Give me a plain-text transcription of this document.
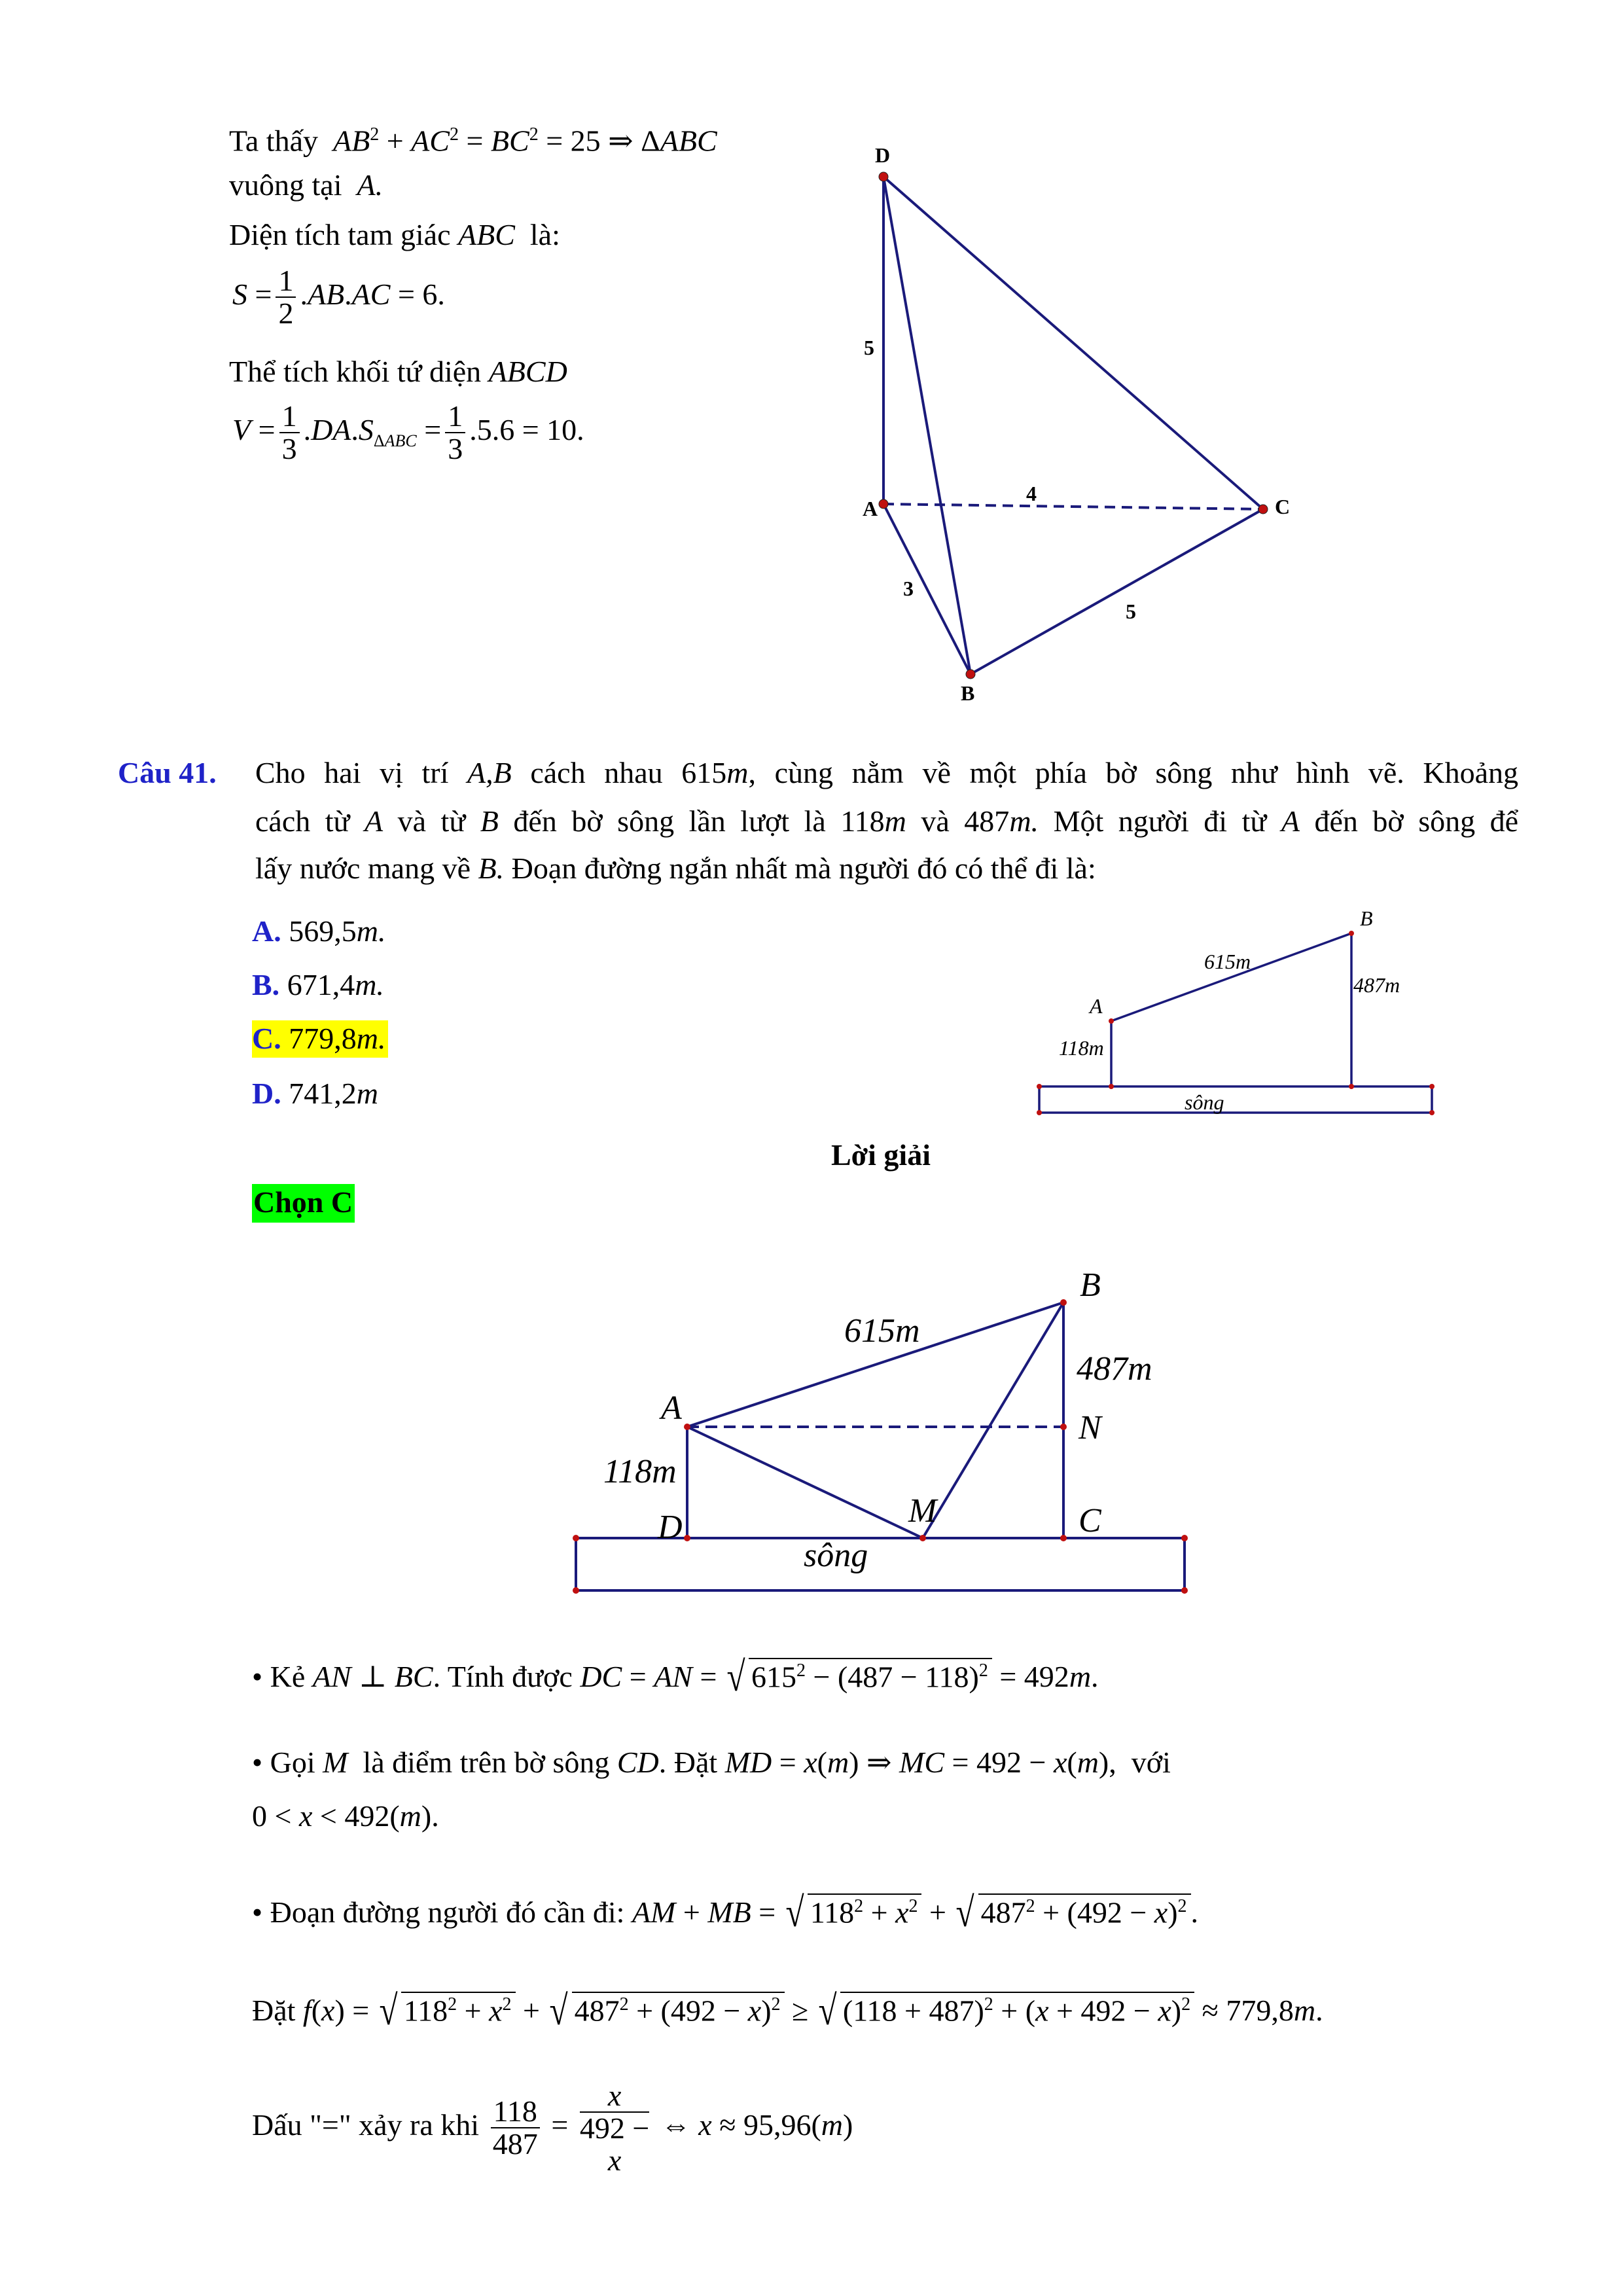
Ta thấy  $AB^2 + AC^2 = BC^2 = 25$ ⇒ ΔABC
vuông tại A.
Diện tích tam giác ABC là:
$S = \frac{1}{2} .AB.AC = 6$.
Thể tích khối tứ diện ABCD
$V = \frac{1}{3} .DA.S_{\Delta ABC} = \frac{1}{3} .5.6 = 10$.
D
A
B
C
5
4
3
5
Câu 41. Cho hai vị trí A,B cách nhau 615m, cùng nằm về một phía bờ sông như hình vẽ. Khoảng
cách từ A và từ B đến bờ sông lần lượt là 118m và 487m. Một người đi từ A đến bờ sông để
lấy nước mang về B. Đoạn đường ngắn nhất mà người đó có thể đi là:
A. 569,5m.
B. 671,4m.
C. 779,8m.
D. 741,2m
B
A
615m
487m
118m
sông
Lời giải
Chọn C
B
A
N
C
D	M
615m
487m
118m
sông
• Kẻ AN ⊥ BC. Tính được DC = AN = √ $615^2 - (487 - 118)^2 = 492m$.
• Gọi M là điểm trên bờ sông CD. Đặt MD = x(m) ⇒ MC = 492 − x(m),  với
0 < x < 492(m).
• Đoạn đường người đó cần đi: AM + MB = √ $118^2 + x^2$ + √ $487^2 + (492 - x)^2$ .
Đặt f(x) = √ $118^2 + x^2$ + √ $487^2 + (492 - x)^2$ ≥ √ $(118 + 487)^2 + (x + 492 - x)^2 \approx 779,8m$.
Dấu "=" xảy ra khi $\frac{118}{487} = x$
492 −
x ⇔ x ≈ 95,96(m)
